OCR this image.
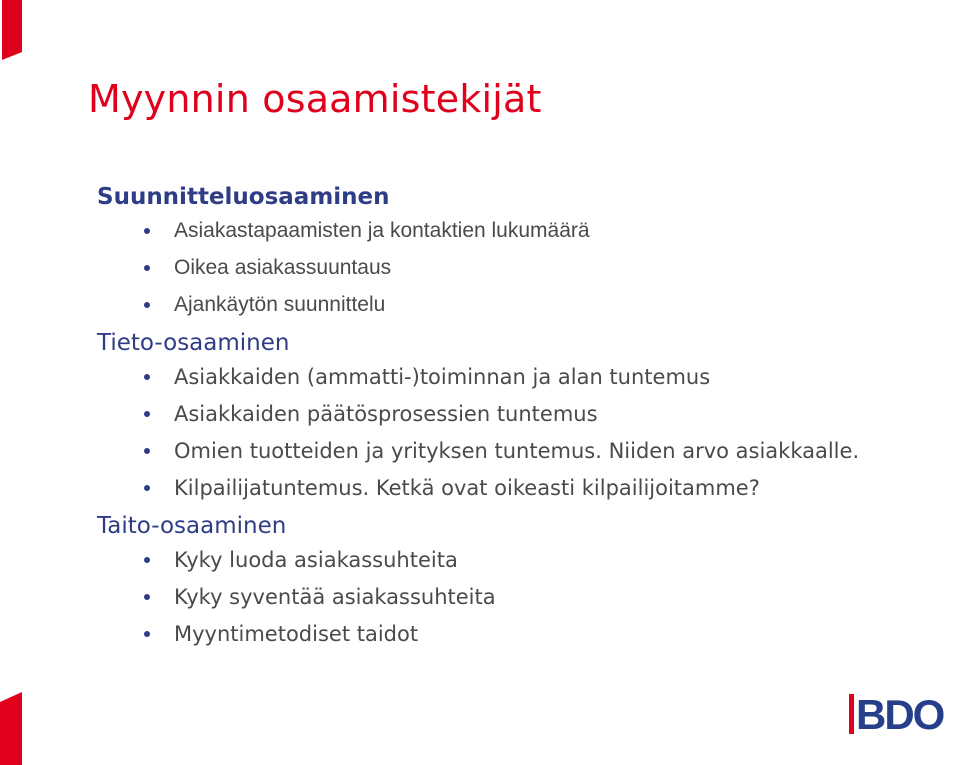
Myynnin osaamistekijät
Suunnitteluosaaminen
Asiakastapaamisten ja kontaktien lukumäärä
Oikea asiakassuuntaus
Ajankäytön suunnittelu
Tieto-osaaminen
Asiakkaiden (ammatti-)toiminnan ja alan tuntemus
Asiakkaiden päätösprosessien tuntemus
Omien tuotteiden ja yrityksen tuntemus. Niiden arvo asiakkaalle.
Kilpailijatuntemus. Ketkä ovat oikeasti kilpailijoitamme?
Taito-osaaminen
Kyky luoda asiakassuhteita
Kyky syventää asiakassuhteita
Myyntimetodiset taidot
BDO
